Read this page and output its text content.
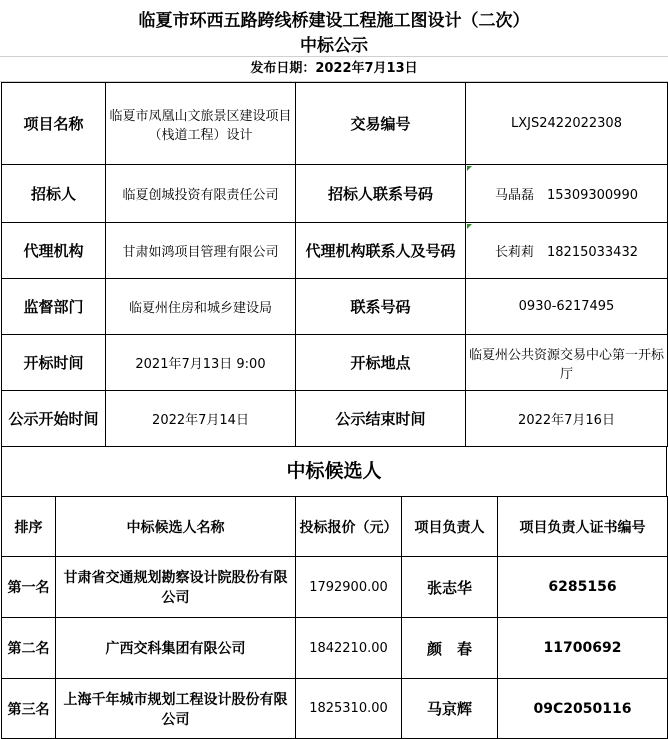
临夏市环西五路跨线桥建设工程施工图设计（二次）
中标公示
发布日期：2022年7月13日
项目名称	临夏市凤凰山文旅景区建设项目（栈道工程）设计	交易编号	LXJS2422022308
招标人	临夏创城投资有限责任公司	招标人联系号码	马晶磊　15309300990
代理机构	甘肃如鸿项目管理有限公司	代理机构联系人及号码	长莉莉　18215033432
监督部门	临夏州住房和城乡建设局	联系号码	0930-6217495
开标时间	2021年7月13日 9:00	开标地点	临夏州公共资源交易中心第一开标厅
公示开始时间	2022年7月14日	公示结束时间	2022年7月16日
中标候选人
排序	中标候选人名称	投标报价（元）	项目负责人	项目负责人证书编号
第一名	甘肃省交通规划勘察设计院股份有限公司	1792900.00	张志华	6285156
第二名	广西交科集团有限公司	1842210.00	颜　春	11700692
第三名	上海千年城市规划工程设计股份有限公司	1825310.00	马京辉	09C2050116
